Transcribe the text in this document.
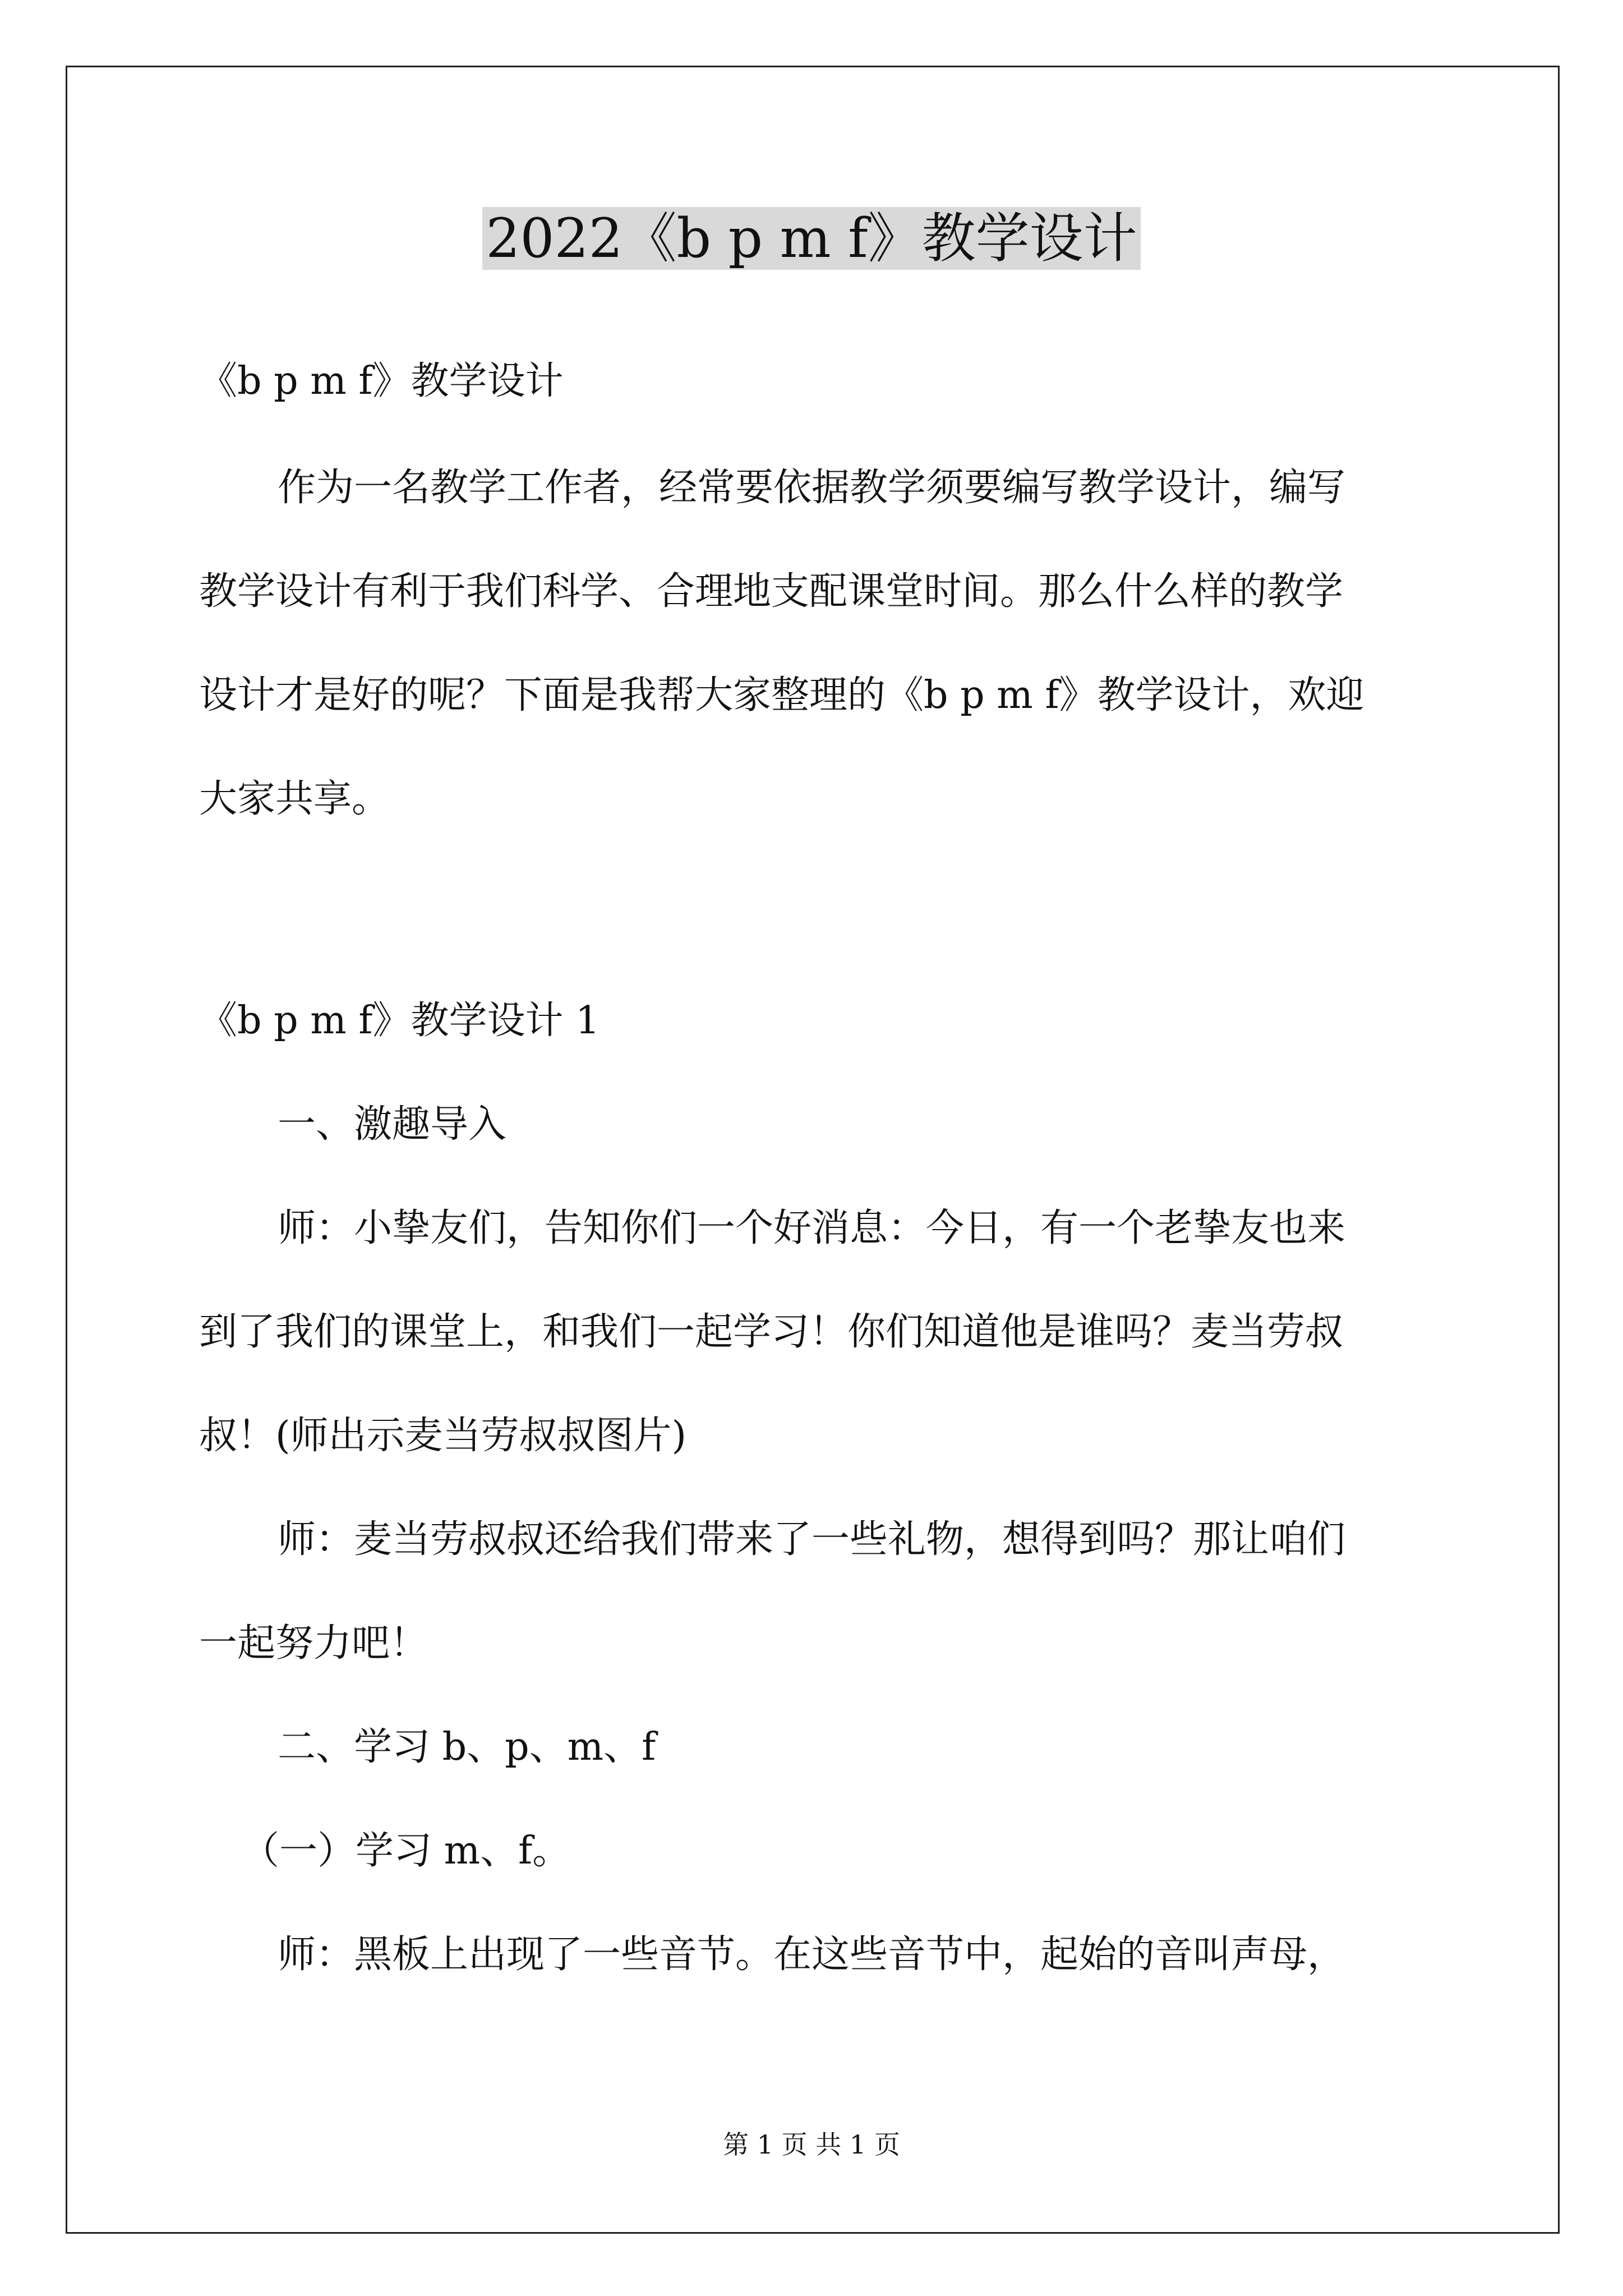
2022《b p m f》教学设计

《b p m f》教学设计

作为一名教学工作者，经常要依据教学须要编写教学设计，编写

教学设计有利于我们科学、合理地支配课堂时间。那么什么样的教学

设计才是好的呢？下面是我帮大家整理的《b p m f》教学设计，欢迎

大家共享。

《b p m f》教学设计 1

一、激趣导入

师：小挚友们，告知你们一个好消息：今日，有一个老挚友也来

到了我们的课堂上，和我们一起学习！你们知道他是谁吗？麦当劳叔

叔！(师出示麦当劳叔叔图片)

师：麦当劳叔叔还给我们带来了一些礼物，想得到吗？那让咱们

一起努力吧！

二、学习 b、p、m、f

（一）学习 m、f。

师：黑板上出现了一些音节。在这些音节中，起始的音叫声母，

第 1 页 共 1 页
